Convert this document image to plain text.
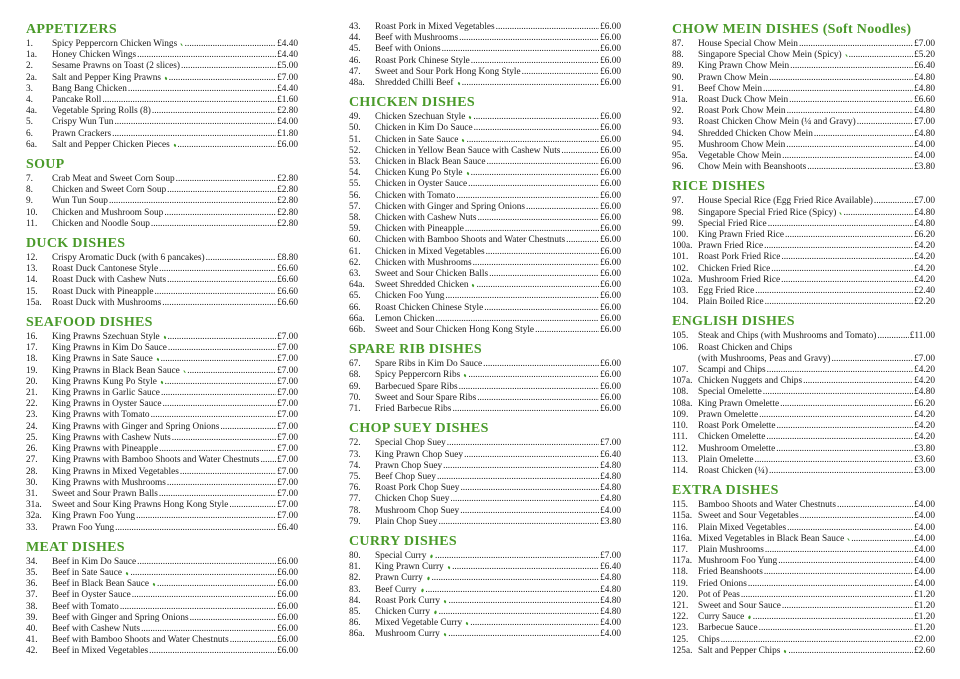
APPETIZERS
1.	Spicy Peppercorn Chicken Wings .....	£4.40
1a.	Honey Chicken Wings .....	£4.40
2.	Sesame Prawns on Toast (2 slices) .....	£5.00
2a.	Salt and Pepper King Prawns .....	£7.00
3.	Bang Bang Chicken .....	£4.40
4.	Pancake Roll .....	£1.60
4a.	Vegetable Spring Rolls (8) .....	£2.80
5.	Crispy Wun Tun .....	£4.00
6.	Prawn Crackers .....	£1.80
6a.	Salt and Pepper Chicken Pieces .....	£6.00
SOUP
7.	Crab Meat and Sweet Corn Soup .....	£2.80
8.	Chicken and Sweet Corn Soup .....	£2.80
9.	Wun Tun Soup .....	£2.80
10.	Chicken and Mushroom Soup .....	£2.80
11.	Chicken and Noodle Soup .....	£2.80
DUCK DISHES
12.	Crispy Aromatic Duck (with 6 pancakes) .....	£8.80
13.	Roast Duck Cantonese Style .....	£6.60
14.	Roast Duck with Cashew Nuts .....	£6.60
15.	Roast Duck with Pineapple .....	£6.60
15a.	Roast Duck with Mushrooms .....	£6.60
SEAFOOD DISHES
16.	King Prawns Szechuan Style .....	£7.00
17.	King Prawns in Kim Do Sauce .....	£7.00
18.	King Prawns in Sate Sauce .....	£7.00
19.	King Prawns in Black Bean Sauce .....	£7.00
20.	King Prawns Kung Po Style .....	£7.00
21.	King Prawns in Garlic Sauce .....	£7.00
22.	King Prawns in Oyster Sauce .....	£7.00
23.	King Prawns with Tomato .....	£7.00
24.	King Prawns with Ginger and Spring Onions .....	£7.00
25.	King Prawns with Cashew Nuts .....	£7.00
26.	King Prawns with Pineapple .....	£7.00
27.	King Prawns with Bamboo Shoots and Water Chestnuts ..... £7.00
28.	King Prawns in Mixed Vegetables .....	£7.00
30.	King Prawns with Mushrooms .....	£7.00
31.	Sweet and Sour Prawn Balls .....	£7.00
31a.	Sweet and Sour King Prawns Hong Kong Style .....	£7.00
32a.	King Prawn Foo Yung .....	£7.00
33.	Prawn Foo Yung .....	£6.40
MEAT DISHES
34.	Beef in Kim Do Sauce .....	£6.00
35.	Beef in Sate Sauce .....	£6.00
36.	Beef in Black Bean Sauce .....	£6.00
37.	Beef in Oyster Sauce .....	£6.00
38.	Beef with Tomato .....	£6.00
39.	Beef with Ginger and Spring Onions .....	£6.00
40.	Beef with Cashew Nuts .....	£6.00
41.	Beef with Bamboo Shoots and Water Chestnuts .....	£6.00
42.	Beef in Mixed Vegetables .....	£6.00
43.	Roast Pork in Mixed Vegetables .....	£6.00
44.	Beef with Mushrooms .....	£6.00
45.	Beef with Onions .....	£6.00
46.	Roast Pork Chinese Style .....	£6.00
47.	Sweet and Sour Pork Hong Kong Style .....	£6.00
48a.	Shredded Chilli Beef .....	£6.00
CHICKEN DISHES
49.	Chicken Szechuan Style .....	£6.00
50.	Chicken in Kim Do Sauce .....	£6.00
51.	Chicken in Sate Sauce .....	£6.00
52.	Chicken in Yellow Bean Sauce with Cashew Nuts .....	£6.00
53.	Chicken in Black Bean Sauce .....	£6.00
54.	Chicken Kung Po Style .....	£6.00
55.	Chicken in Oyster Sauce .....	£6.00
56.	Chicken with Tomato .....	£6.00
57.	Chicken with Ginger and Spring Onions .....	£6.00
58.	Chicken with Cashew Nuts .....	£6.00
59.	Chicken with Pineapple .....	£6.00
60.	Chicken with Bamboo Shoots and Water Chestnuts .....	£6.00
61.	Chicken in Mixed Vegetables .....	£6.00
62.	Chicken with Mushrooms .....	£6.00
63.	Sweet and Sour Chicken Balls .....	£6.00
64a.	Sweet Shredded Chicken .....	£6.00
65.	Chicken Foo Yung .....	£6.00
66.	Roast Chicken Chinese Style .....	£6.00
66a.	Lemon Chicken .....	£6.00
66b.	Sweet and Sour Chicken Hong Kong Style .....	£6.00
SPARE RIB DISHES
67.	Spare Ribs in Kim Do Sauce .....	£6.00
68.	Spicy Peppercorn Ribs .....	£6.00
69.	Barbecued Spare Ribs .....	£6.00
70.	Sweet and Sour Spare Ribs .....	£6.00
71.	Fried Barbecue Ribs .....	£6.00
CHOP SUEY DISHES
72.	Special Chop Suey .....	£7.00
73.	King Prawn Chop Suey .....	£6.40
74.	Prawn Chop Suey .....	£4.80
75.	Beef Chop Suey .....	£4.80
76.	Roast Pork Chop Suey .....	£4.80
77.	Chicken Chop Suey .....	£4.80
78.	Mushroom Chop Suey .....	£4.00
79.	Plain Chop Suey .....	£3.80
CURRY DISHES
80.	Special Curry .....	£7.00
81.	King Prawn Curry .....	£6.40
82.	Prawn Curry .....	£4.80
83.	Beef Curry .....	£4.80
84.	Roast Pork Curry .....	£4.80
85.	Chicken Curry .....	£4.80
86.	Mixed Vegetable Curry .....	£4.00
86a.	Mushroom Curry .....	£4.00
CHOW MEIN DISHES (Soft Noodles)
87.	House Special Chow Mein .....	£7.00
88.	Singapore Special Chow Mein (Spicy) .....	£5.20
89.	King Prawn Chow Mein .....	£6.40
90.	Prawn Chow Mein .....	£4.80
91.	Beef Chow Mein .....	£4.80
91a.	Roast Duck Chow Mein .....	£6.60
92.	Roast Pork Chow Mein .....	£4.80
93.	Roast Chicken Chow Mein (¼ and Gravy) .....	£7.00
94.	Shredded Chicken Chow Mein .....	£4.80
95.	Mushroom Chow Mein .....	£4.00
95a.	Vegetable Chow Mein .....	£4.00
96.	Chow Mein with Beanshoots .....	£3.80
RICE DISHES
97.	House Special Rice (Egg Fried Rice Available) .....	£7.00
98.	Singapore Special Fried Rice (Spicy) .....	£4.80
99.	Special Fried Rice .....	£4.80
100.	King Prawn Fried Rice .....	£6.20
100a. Prawn Fried Rice .....	£4.20
101.	Roast Pork Fried Rice .....	£4.20
102.	Chicken Fried Rice .....	£4.20
102a. Mushroom Fried Rice .....	£4.20
103.	Egg Fried Rice .....	£2.40
104.	Plain Boiled Rice .....	£2.20
ENGLISH DISHES
105.	Steak and Chips (with Mushrooms and Tomato) .....	£11.00
106.	Roast Chicken and Chips
(with Mushrooms, Peas and Gravy) .....	£7.00
107.	Scampi and Chips .....	£4.20
107a. Chicken Nuggets and Chips .....	£4.20
108.	Special Omelette .....	£4.80
108a. King Prawn Omelette .....	£6.20
109.	Prawn Omelette .....	£4.20
110.	Roast Pork Omelette .....	£4.20
111.	Chicken Omelette .....	£4.20
112.	Mushroom Omelette .....	£3.80
113.	Plain Omelette .....	£3.60
114.	Roast Chicken (¼) .....	£3.00
EXTRA DISHES
115.	Bamboo Shoots and Water Chestnuts .....	£4.00
115a. Sweet and Sour Vegetables .....	£4.00
116.	Plain Mixed Vegetables .....	£4.00
116a. Mixed Vegetables in Black Bean Sauce .....	£4.00
117.	Plain Mushrooms .....	£4.00
117a. Mushroom Foo Yung .....	£4.00
118.	Fried Beanshoots .....	£4.00
119.	Fried Onions .....	£4.00
120.	Pot of Peas .....	£1.20
121.	Sweet and Sour Sauce .....	£1.20
122.	Curry Sauce .....	£1.20
123.	Barbecue Sauce .....	£1.20
125.	Chips .....	£2.00
125a. Salt and Pepper Chips .....	£2.60
